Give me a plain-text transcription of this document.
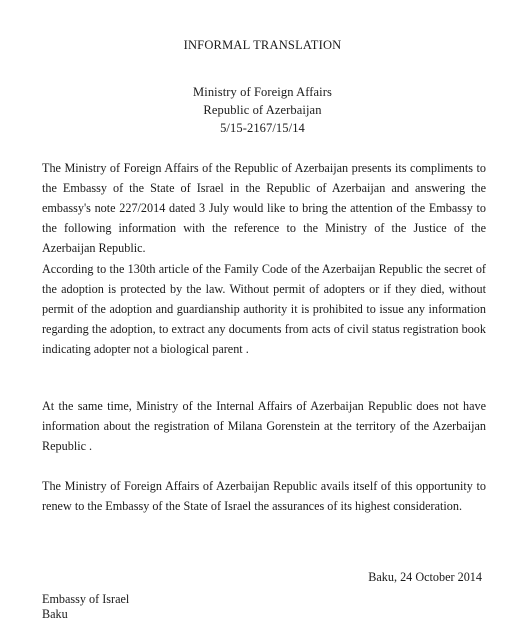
INFORMAL TRANSLATION
Ministry of Foreign Affairs
Republic of Azerbaijan
5/15-2167/15/14

The Ministry of Foreign Affairs of the Republic of Azerbaijan presents its compliments to the Embassy of the State of Israel in the Republic of Azerbaijan and answering the embassy's note 227/2014 dated 3 July would like to bring the attention of the Embassy to the following information with the reference to the Ministry of the Justice of the Azerbaijan Republic.

According to the 130th article of the Family Code of the Azerbaijan Republic the secret of the adoption is protected by the law. Without permit of adopters or if they died, without permit of the adoption and guardianship authority it is prohibited to issue any information regarding the adoption, to extract any documents from acts of civil status registration book indicating adopter not a biological parent .

At the same time, Ministry of the Internal Affairs of Azerbaijan Republic does not have information about the registration of Milana Gorenstein at the territory of the Azerbaijan Republic .

The Ministry of Foreign Affairs of Azerbaijan Republic avails itself of this opportunity to renew to the Embassy of the State of Israel the assurances of its highest consideration.

Baku, 24 October 2014
Embassy of Israel
Baku
